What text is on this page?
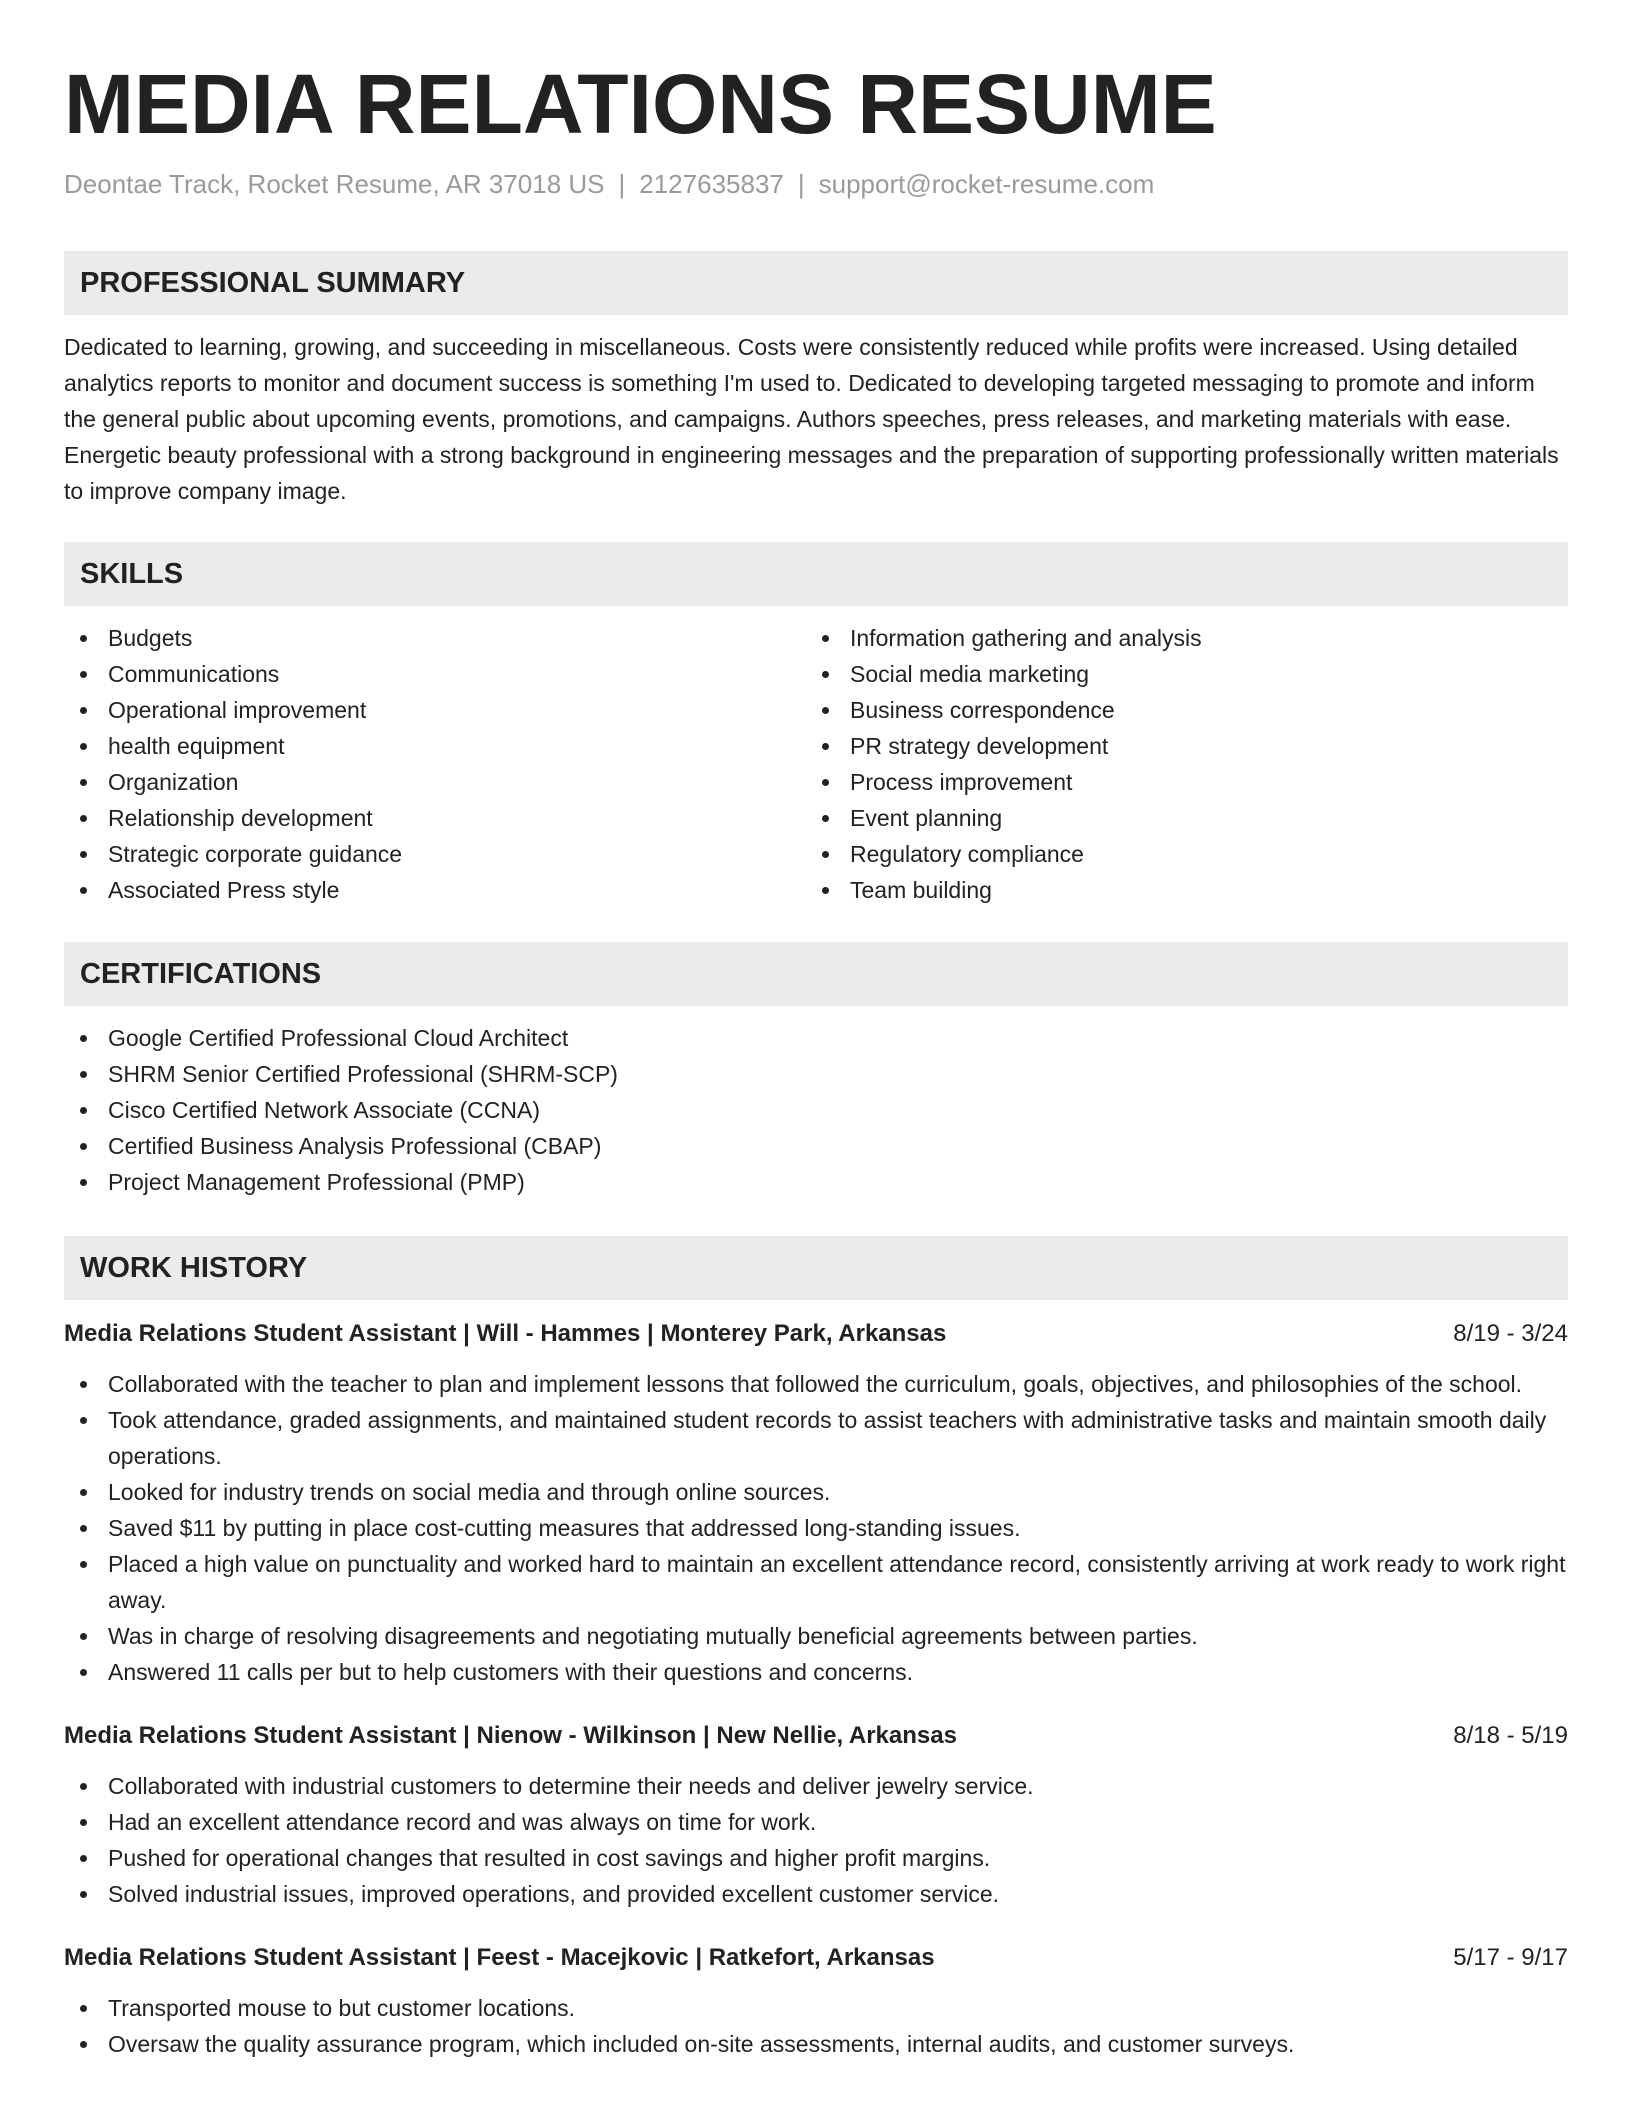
MEDIA RELATIONS RESUME
Deontae Track, Rocket Resume, AR 37018 US | 2127635837 | support@rocket-resume.com
PROFESSIONAL SUMMARY
Dedicated to learning, growing, and succeeding in miscellaneous. Costs were consistently reduced while profits were increased. Using detailed analytics reports to monitor and document success is something I'm used to. Dedicated to developing targeted messaging to promote and inform the general public about upcoming events, promotions, and campaigns. Authors speeches, press releases, and marketing materials with ease. Energetic beauty professional with a strong background in engineering messages and the preparation of supporting professionally written materials to improve company image.
SKILLS
Budgets
Communications
Operational improvement
health equipment
Organization
Relationship development
Strategic corporate guidance
Associated Press style
Information gathering and analysis
Social media marketing
Business correspondence
PR strategy development
Process improvement
Event planning
Regulatory compliance
Team building
CERTIFICATIONS
Google Certified Professional Cloud Architect
SHRM Senior Certified Professional (SHRM-SCP)
Cisco Certified Network Associate (CCNA)
Certified Business Analysis Professional (CBAP)
Project Management Professional (PMP)
WORK HISTORY
Media Relations Student Assistant | Will - Hammes | Monterey Park, Arkansas	8/19 - 3/24
Collaborated with the teacher to plan and implement lessons that followed the curriculum, goals, objectives, and philosophies of the school.
Took attendance, graded assignments, and maintained student records to assist teachers with administrative tasks and maintain smooth daily operations.
Looked for industry trends on social media and through online sources.
Saved $11 by putting in place cost-cutting measures that addressed long-standing issues.
Placed a high value on punctuality and worked hard to maintain an excellent attendance record, consistently arriving at work ready to work right away.
Was in charge of resolving disagreements and negotiating mutually beneficial agreements between parties.
Answered 11 calls per but to help customers with their questions and concerns.
Media Relations Student Assistant | Nienow - Wilkinson | New Nellie, Arkansas	8/18 - 5/19
Collaborated with industrial customers to determine their needs and deliver jewelry service.
Had an excellent attendance record and was always on time for work.
Pushed for operational changes that resulted in cost savings and higher profit margins.
Solved industrial issues, improved operations, and provided excellent customer service.
Media Relations Student Assistant | Feest - Macejkovic | Ratkefort, Arkansas	5/17 - 9/17
Transported mouse to but customer locations.
Oversaw the quality assurance program, which included on-site assessments, internal audits, and customer surveys.
